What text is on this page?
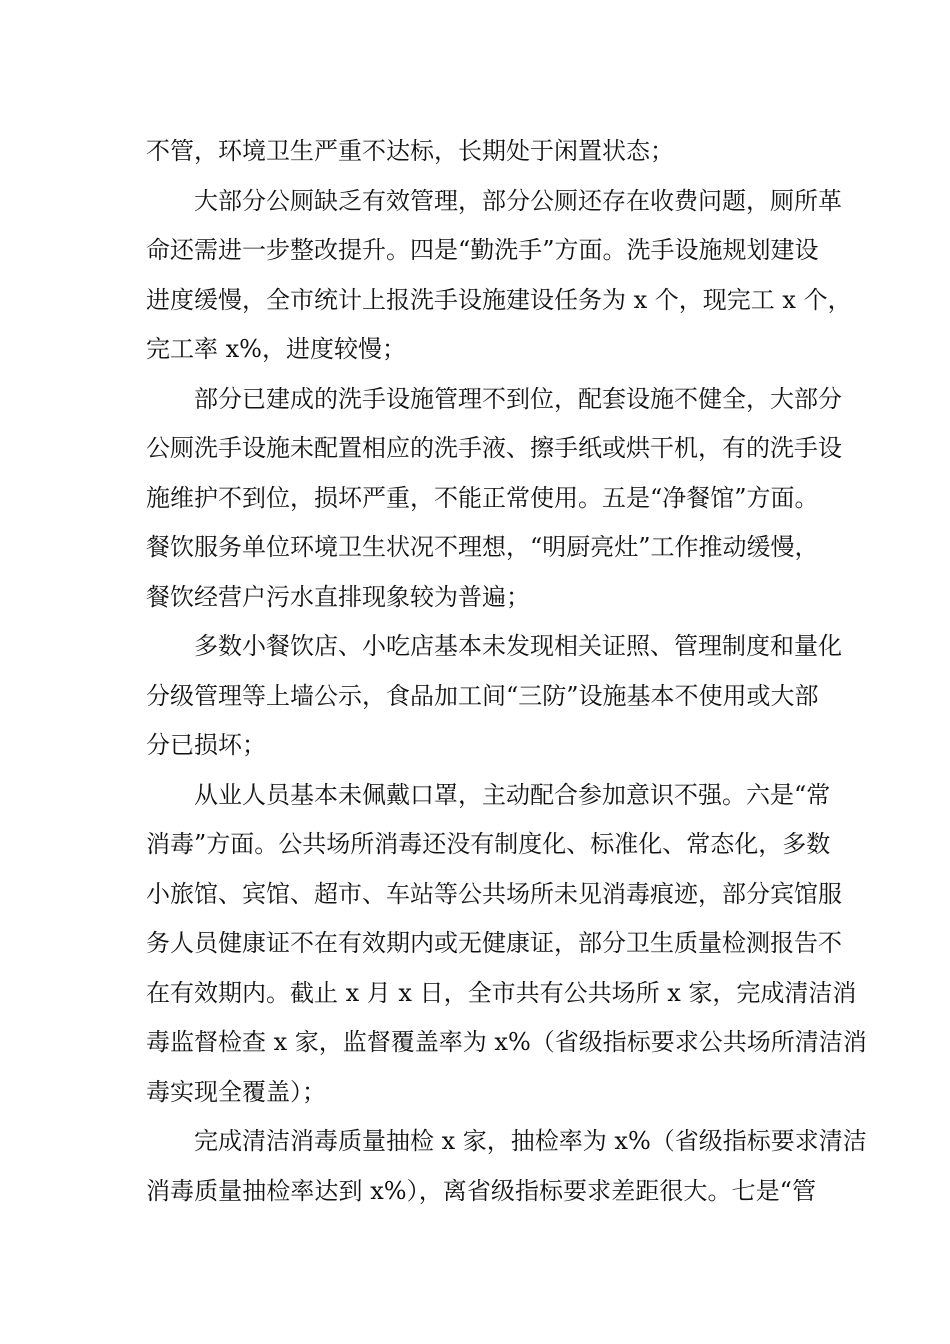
不管，环境卫生严重不达标，长期处于闲置状态；
大部分公厕缺乏有效管理，部分公厕还存在收费问题，厕所革
命还需进一步整改提升。四是“勤洗手”方面。洗手设施规划建设
进度缓慢，全市统计上报洗手设施建设任务为 x 个，现完工 x 个，
完工率 x%，进度较慢；
部分已建成的洗手设施管理不到位，配套设施不健全，大部分
公厕洗手设施未配置相应的洗手液、擦手纸或烘干机，有的洗手设
施维护不到位，损坏严重，不能正常使用。五是“净餐馆”方面。
餐饮服务单位环境卫生状况不理想，“明厨亮灶”工作推动缓慢，
餐饮经营户污水直排现象较为普遍；
多数小餐饮店、小吃店基本未发现相关证照、管理制度和量化
分级管理等上墙公示，食品加工间“三防”设施基本不使用或大部
分已损坏；
从业人员基本未佩戴口罩，主动配合参加意识不强。六是“常
消毒”方面。公共场所消毒还没有制度化、标准化、常态化，多数
小旅馆、宾馆、超市、车站等公共场所未见消毒痕迹，部分宾馆服
务人员健康证不在有效期内或无健康证，部分卫生质量检测报告不
在有效期内。截止 x 月 x 日，全市共有公共场所 x 家，完成清洁消
毒监督检查 x 家，监督覆盖率为 x%（省级指标要求公共场所清洁消
毒实现全覆盖）；
完成清洁消毒质量抽检 x 家，抽检率为 x%（省级指标要求清洁
消毒质量抽检率达到 x%），离省级指标要求差距很大。七是“管
